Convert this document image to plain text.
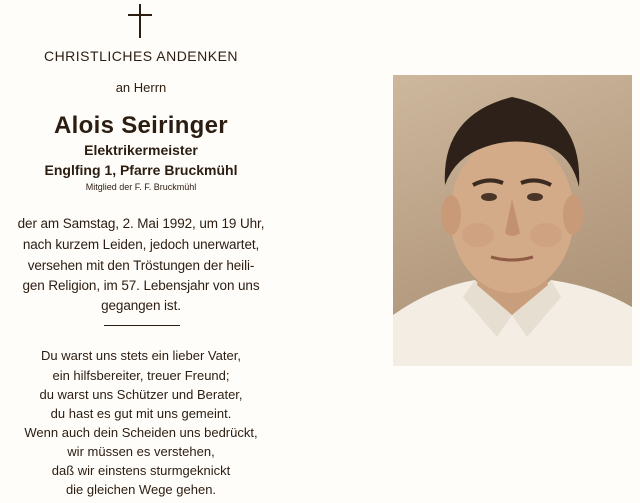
CHRISTLICHES ANDENKEN
an Herrn
Alois Seiringer
Elektrikermeister
Englfing 1, Pfarre Bruckmühl
Mitglied der F. F. Bruckmühl
der am Samstag, 2. Mai 1992, um 19 Uhr,
nach kurzem Leiden, jedoch unerwartet,
versehen mit den Tröstungen der heili-
gen Religion, im 57. Lebensjahr von uns
gegangen ist.
Du warst uns stets ein lieber Vater,
ein hilfsbereiter, treuer Freund;
du warst uns Schützer und Berater,
du hast es gut mit uns gemeint.
Wenn auch dein Scheiden uns bedrückt,
wir müssen es verstehen,
daß wir einstens sturmgeknickt
die gleichen Wege gehen.
